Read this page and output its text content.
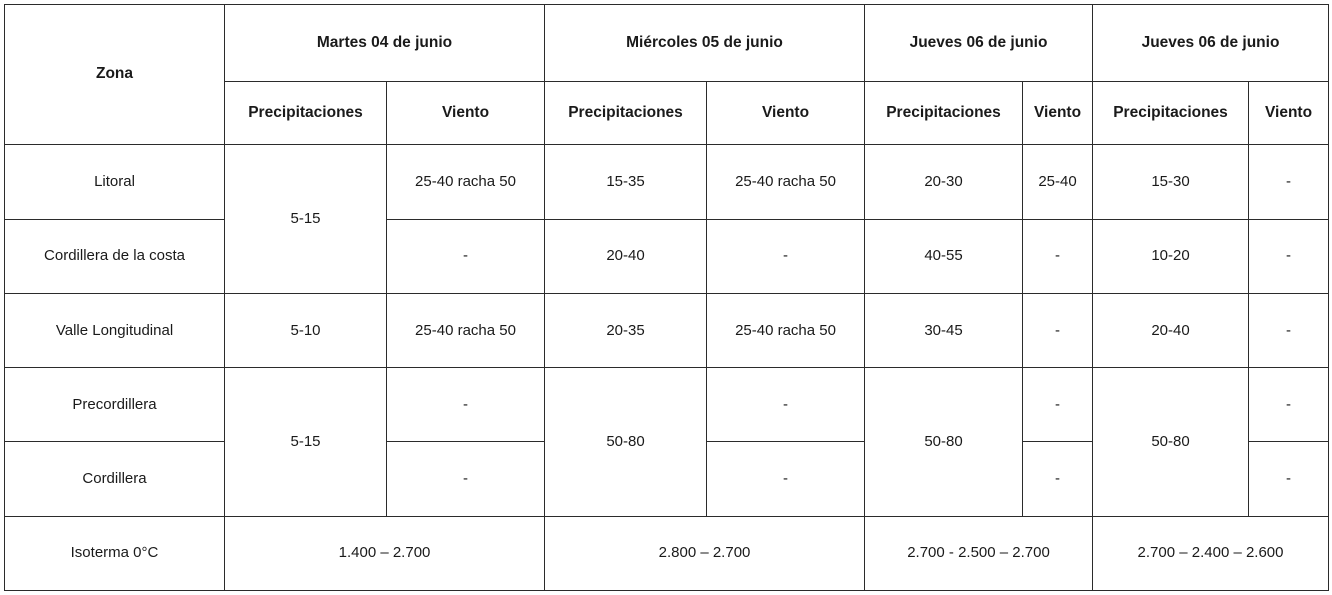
Zona	Martes 04 de junio		Miércoles 05 de junio		Jueves 06 de junio		Jueves 06 de junio	
	Precipitaciones	Viento	Precipitaciones	Viento	Precipitaciones	Viento	Precipitaciones	Viento
Litoral	5-15	25-40 racha 50	15-35	25-40 racha 50	20-30	25-40	15-30	-
Cordillera de la costa		-	20-40	-	40-55	-	10-20	-
Valle Longitudinal	5-10	25-40 racha 50	20-35	25-40 racha 50	30-45	-	20-40	-
Precordillera	5-15	-	50-80	-	50-80	-	50-80	-
Cordillera		-		-		-		-
Isoterma 0°C	1.400 – 2.700		2.800 – 2.700		2.700 - 2.500 – 2.700		2.700 – 2.400 – 2.600	
